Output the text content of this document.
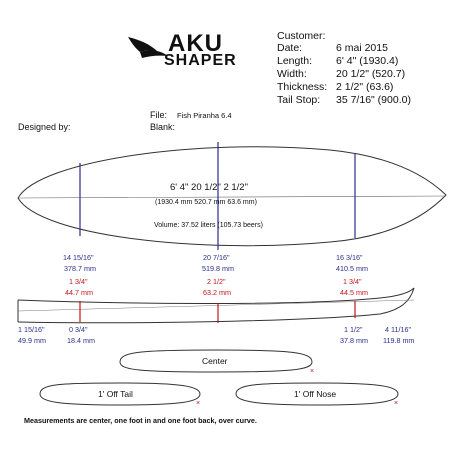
×
×	×
AKU
SHAPER
Customer:
Date:	6 mai 2015
Length: 6' 4" (1930.4)
Width:	20 1/2" (520.7)
Thickness: 2 1/2" (63.6)
Tail Stop: 35 7/16" (900.0)
File: Fish Piranha 6.4
Designed by:	Blank:
6' 4" 20 1/2" 2 1/2"
(1930.4 mm 520.7 mm 63.6 mm)
Volume: 37.52 liters (105.73 beers)
14 15/16"
378.7 mm
20 7/16"
519.8 mm
16 3/16"
410.5 mm
1 3/4"
44.7 mm
2 1/2"
63.2 mm
1 3/4"
44.5 mm
1 15/16"
49.9 mm
0 3/4"
18.4 mm
1 1/2"
37.8 mm
4 11/16"
119.8 mm
Center
1' Off Tail	1' Off Nose
Measurements are center, one foot in and one foot back, over curve.
